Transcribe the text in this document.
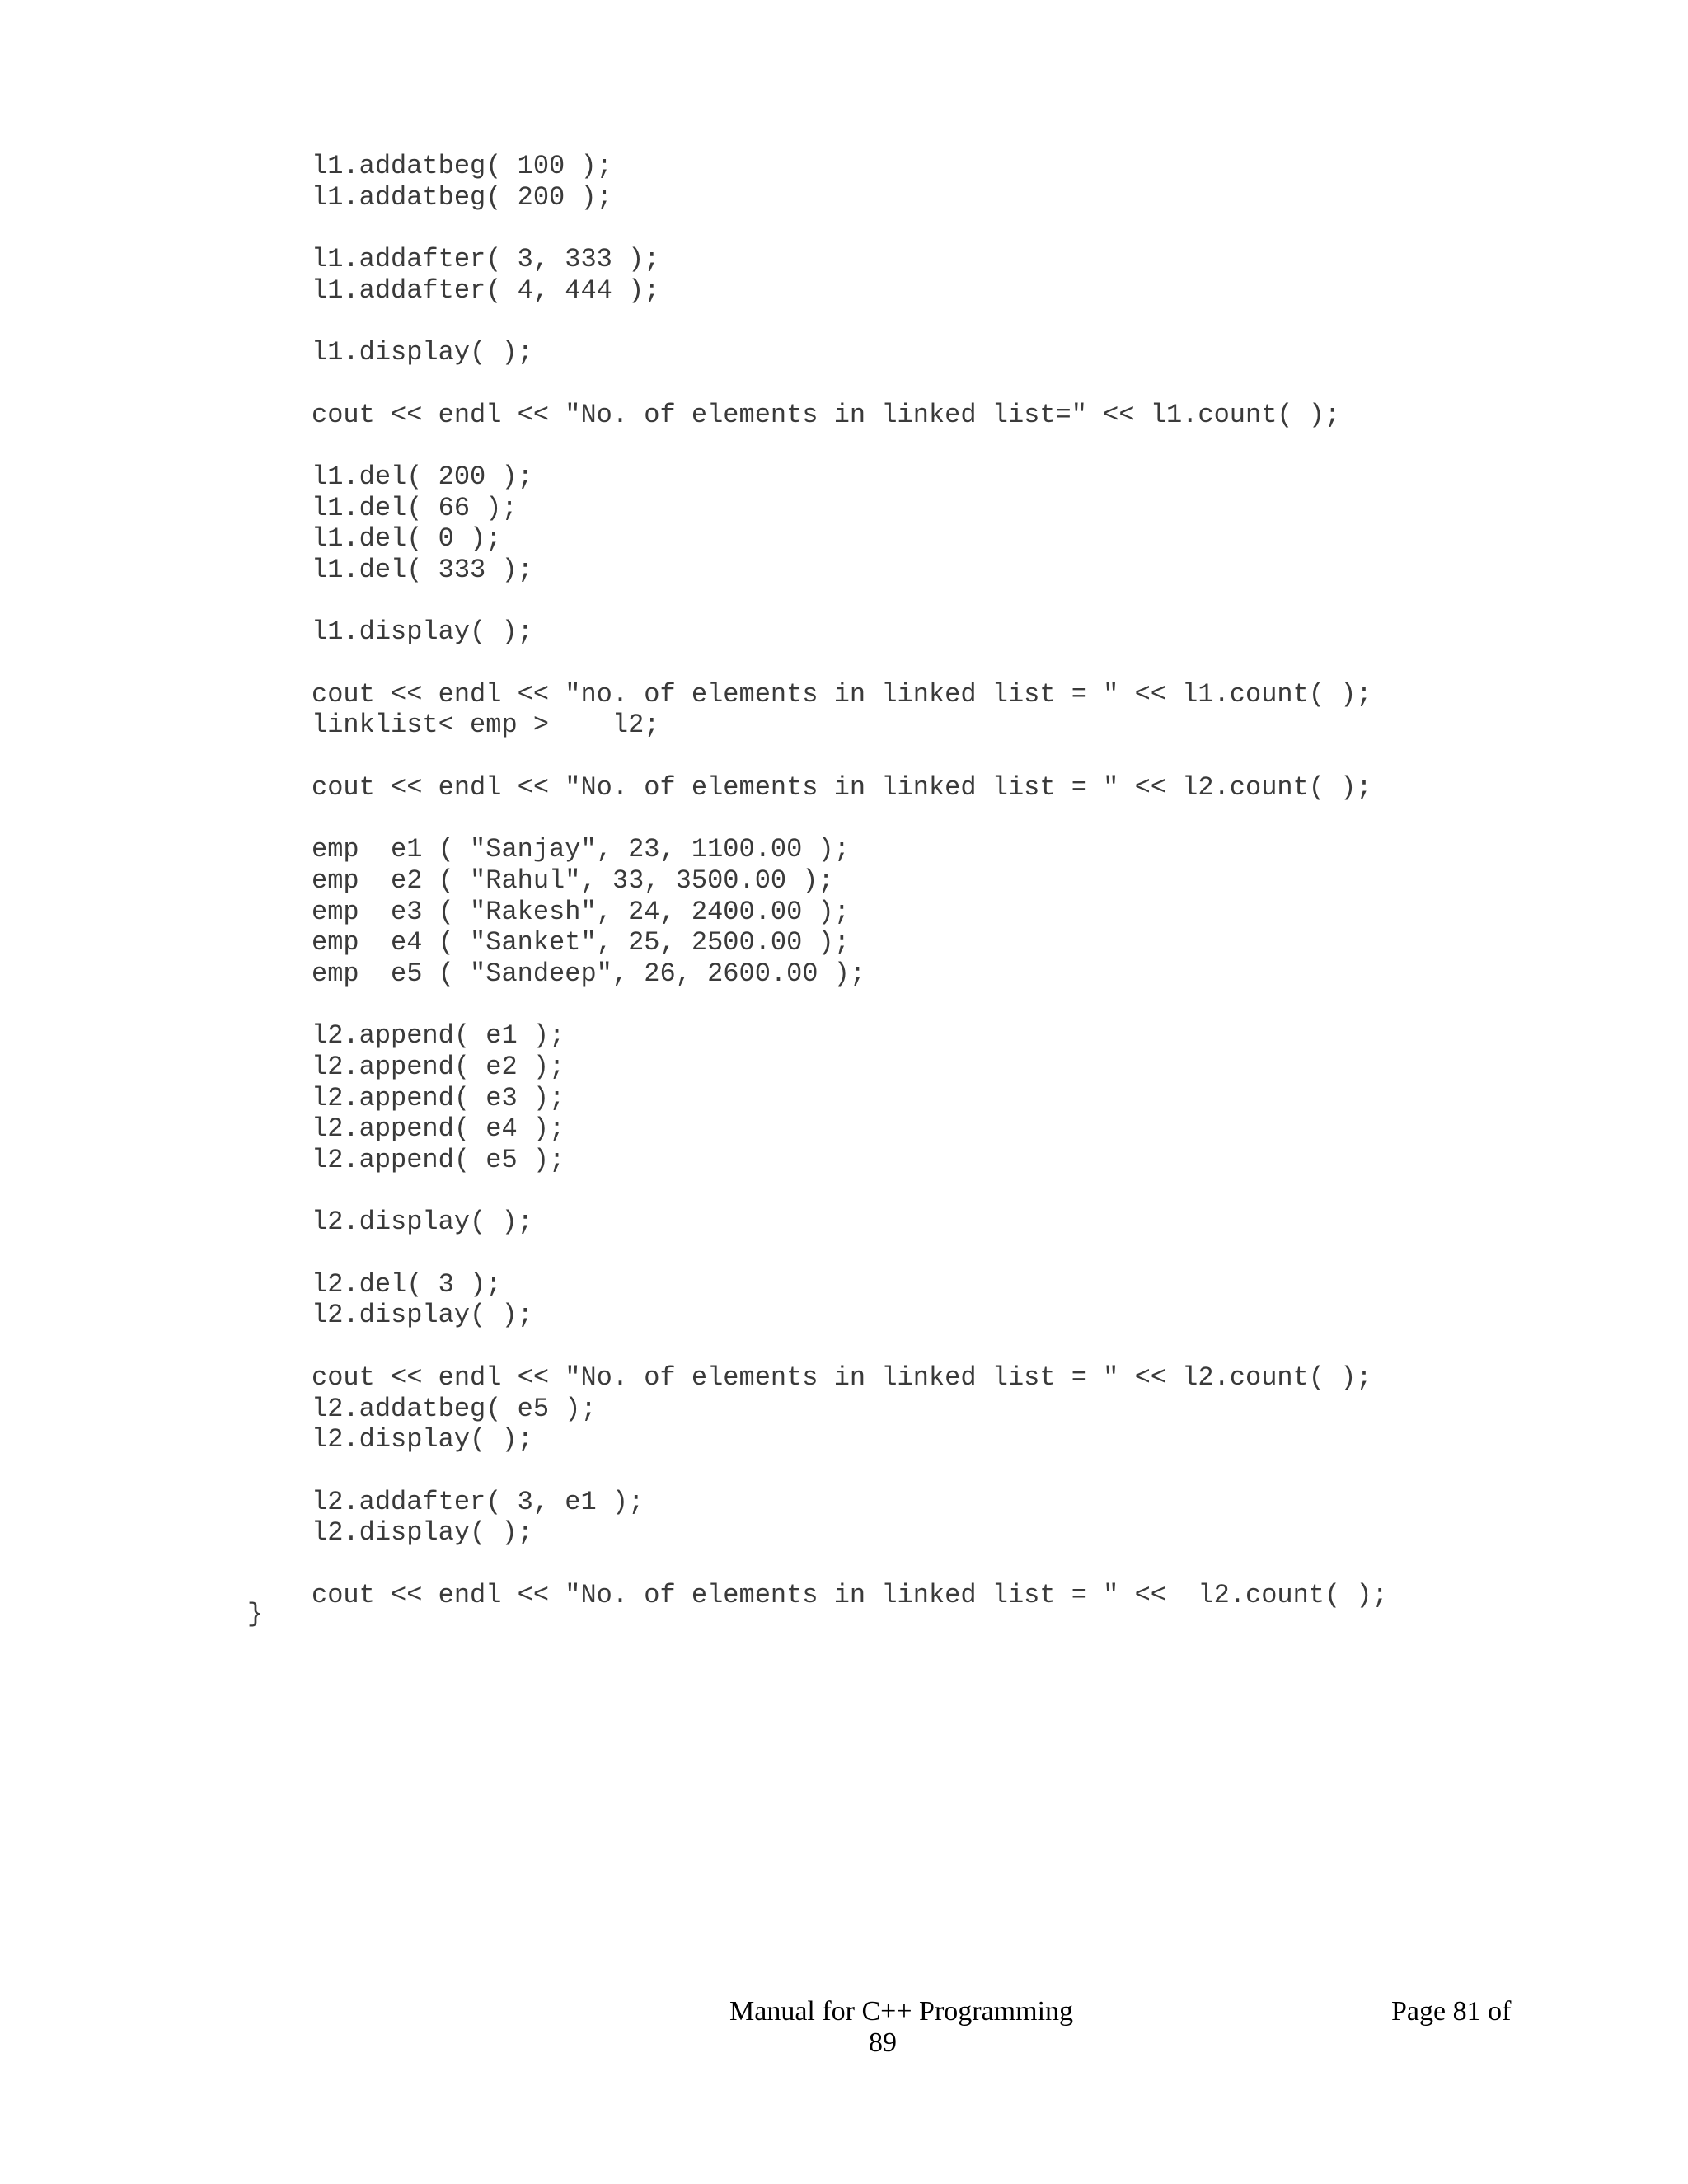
l1.addatbeg( 100 );
l1.addatbeg( 200 );
l1.addafter( 3, 333 );
l1.addafter( 4, 444 );
l1.display( );
cout << endl << "No. of elements in linked list=" << l1.count( );
l1.del( 200 );
l1.del( 66 );
l1.del( 0 );
l1.del( 333 );
l1.display( );
cout << endl << "no. of elements in linked list = " << l1.count( );
linklist< emp >    l2;
cout << endl << "No. of elements in linked list = " << l2.count( );
emp  e1 ( "Sanjay", 23, 1100.00 );
emp  e2 ( "Rahul", 33, 3500.00 );
emp  e3 ( "Rakesh", 24, 2400.00 );
emp  e4 ( "Sanket", 25, 2500.00 );
emp  e5 ( "Sandeep", 26, 2600.00 );
l2.append( e1 );
l2.append( e2 );
l2.append( e3 );
l2.append( e4 );
l2.append( e5 );
l2.display( );
l2.del( 3 );
l2.display( );
cout << endl << "No. of elements in linked list = " << l2.count( );
l2.addatbeg( e5 );
l2.display( );
l2.addafter( 3, e1 );
l2.display( );
cout << endl << "No. of elements in linked list = " <<  l2.count( );
}
Manual for C++ Programming	Page 81 of
89
